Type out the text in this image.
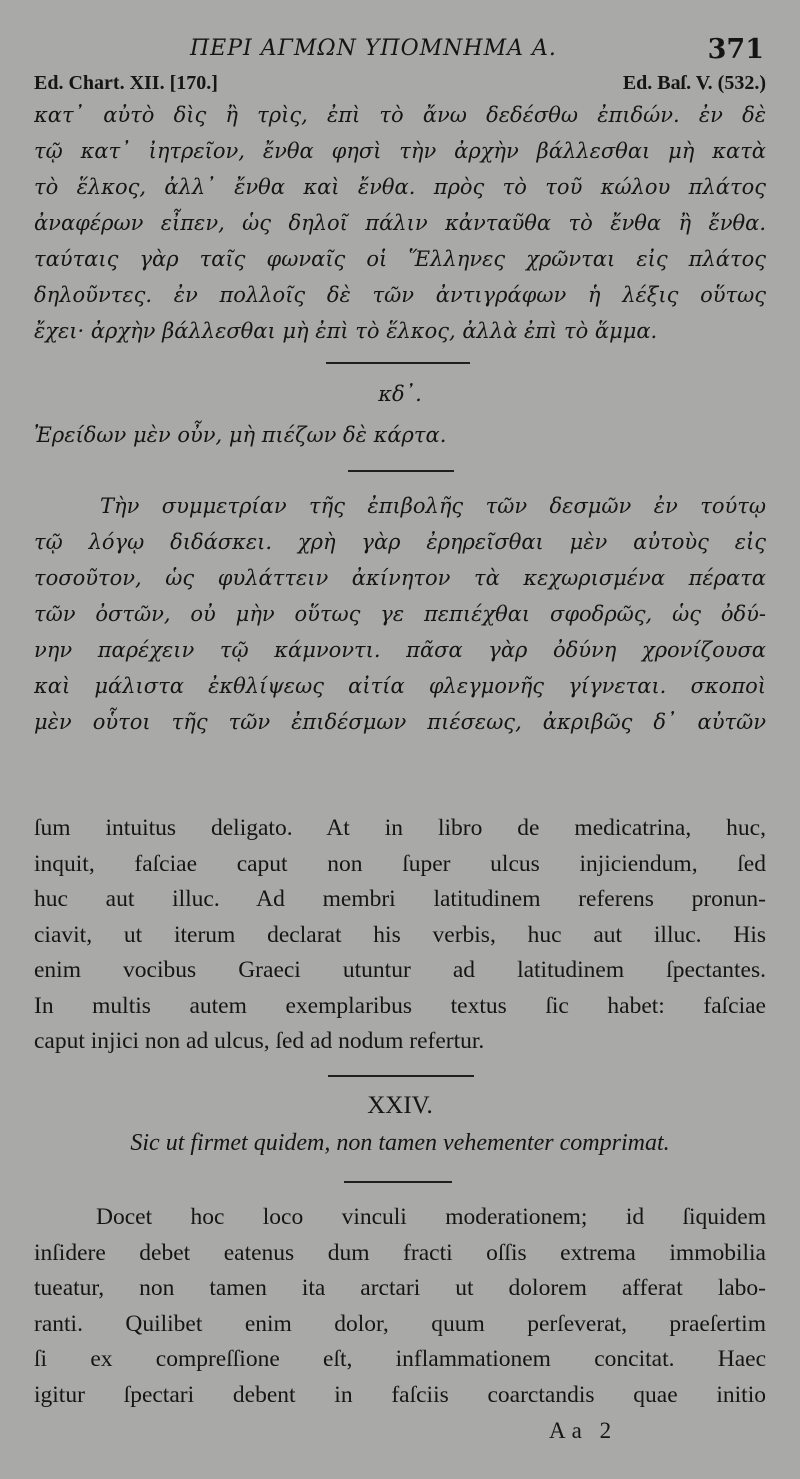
ΠΕΡΙ ΑΓΜΩΝ ΥΠΟΜΝΗΜΑ Α.	371
Ed. Chart. XII. [170.]	Ed. Baſ. V. (532.)
κατ᾽ αὐτὸ δὶς ἢ τρὶς, ἐπὶ τὸ ἄνω δεδέσθω ἐπιδών. ἐν δὲ
τῷ κατ᾽ ἰητρεῖον, ἔνθα φησὶ τὴν ἀρχὴν βάλλεσθαι μὴ κατὰ
τὸ ἕλκος, ἀλλ᾽ ἔνθα καὶ ἔνθα. πρὸς τὸ τοῦ κώλου πλάτος
ἀναφέρων εἶπεν, ὡς δηλοῖ πάλιν κἀνταῦθα τὸ ἔνθα ἢ ἔνθα.
ταύταις γὰρ ταῖς φωναῖς οἱ Ἕλληνες χρῶνται εἰς πλάτος
δηλοῦντες. ἐν πολλοῖς δὲ τῶν ἀντιγράφων ἡ λέξις οὕτως
ἔχει· ἀρχὴν βάλλεσθαι μὴ ἐπὶ τὸ ἕλκος, ἀλλὰ ἐπὶ τὸ ἅμμα.
κδ᾽.
Ἐρείδων μὲν οὖν, μὴ πιέζων δὲ κάρτα.
Τὴν συμμετρίαν τῆς ἐπιβολῆς τῶν δεσμῶν ἐν τούτῳ
τῷ λόγῳ διδάσκει. χρὴ γὰρ ἐρηρεῖσθαι μὲν αὐτοὺς εἰς
τοσοῦτον, ὡς φυλάττειν ἀκίνητον τὰ κεχωρισμένα πέρατα
τῶν ὀστῶν, οὐ μὴν οὕτως γε πεπιέχθαι σφοδρῶς, ὡς ὀδύ-
νην παρέχειν τῷ κάμνοντι. πᾶσα γὰρ ὀδύνη χρονίζουσα
καὶ μάλιστα ἐκθλίψεως αἰτία φλεγμονῆς γίγνεται. σκοποὶ
μὲν οὗτοι τῆς τῶν ἐπιδέσμων πιέσεως, ἀκριβῶς δ᾽ αὐτῶν
ſum intuitus deligato. At in libro de medicatrina, huc,
inquit, faſciae caput non ſuper ulcus injiciendum, ſed
huc aut illuc. Ad membri latitudinem referens pronun-
ciavit, ut iterum declarat his verbis, huc aut illuc. His
enim vocibus Graeci utuntur ad latitudinem ſpectantes.
In multis autem exemplaribus textus ſic habet: faſciae
caput injici non ad ulcus, ſed ad nodum refertur.
XXIV.
Sic ut firmet quidem, non tamen vehementer comprimat.
Docet hoc loco vinculi moderationem; id ſiquidem
inſidere debet eatenus dum fracti oſſis extrema immobilia
tueatur, non tamen ita arctari ut dolorem afferat labo-
ranti. Quilibet enim dolor, quum perſeverat, praeſertim
ſi ex compreſſione eſt, inflammationem concitat. Haec
igitur ſpectari debent in faſciis coarctandis quae initio
Aa 2
